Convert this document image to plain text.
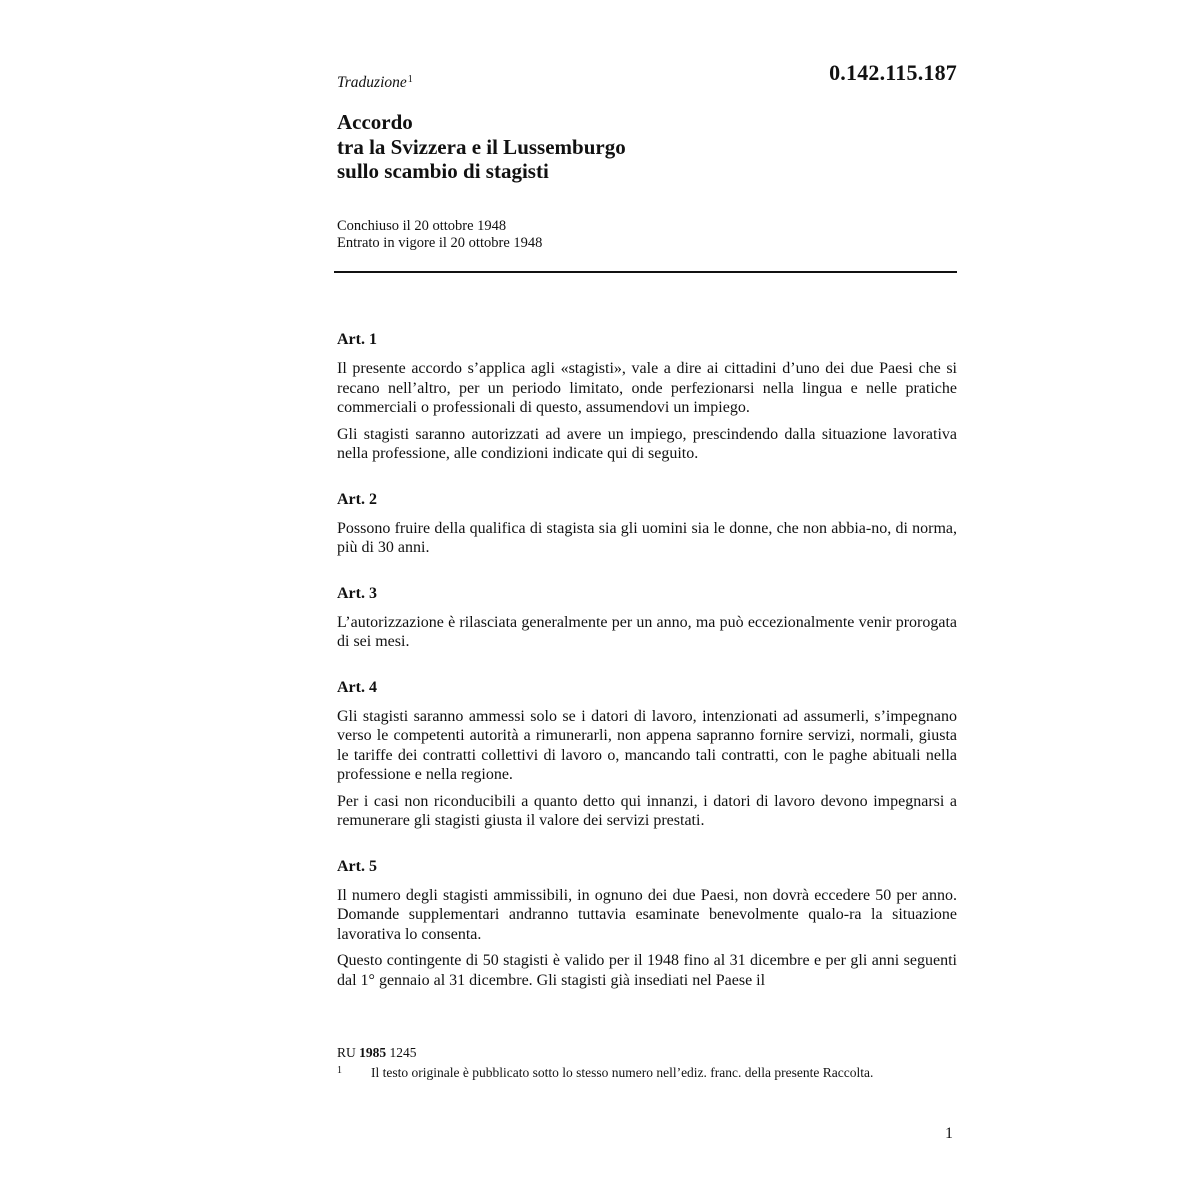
0.142.115.187
Traduzione$^1$
Accordo
tra la Svizzera e il Lussemburgo
sullo scambio di stagisti
Conchiuso il 20 ottobre 1948
Entrato in vigore il 20 ottobre 1948
Art. 1

Il presente accordo s’applica agli «stagisti», vale a dire ai cittadini d’uno dei due Paesi che si recano nell’altro, per un periodo limitato, onde perfezionarsi nella lingua e nelle pratiche commerciali o professionali di questo, assumendovi un impiego.

Gli stagisti saranno autorizzati ad avere un impiego, prescindendo dalla situazione lavorativa nella professione, alle condizioni indicate qui di seguito.

Art. 2

Possono fruire della qualifica di stagista sia gli uomini sia le donne, che non abbia-no, di norma, più di 30 anni.

Art. 3

L’autorizzazione è rilasciata generalmente per un anno, ma può eccezionalmente venir prorogata di sei mesi.

Art. 4

Gli stagisti saranno ammessi solo se i datori di lavoro, intenzionati ad assumerli, s’impegnano verso le competenti autorità a rimunerarli, non appena sapranno fornire servizi, normali, giusta le tariffe dei contratti collettivi di lavoro o, mancando tali contratti, con le paghe abituali nella professione e nella regione.

Per i casi non riconducibili a quanto detto qui innanzi, i datori di lavoro devono impegnarsi a remunerare gli stagisti giusta il valore dei servizi prestati.

Art. 5

Il numero degli stagisti ammissibili, in ognuno dei due Paesi, non dovrà eccedere 50 per anno. Domande supplementari andranno tuttavia esaminate benevolmente qualo-ra la situazione lavorativa lo consenta.

Questo contingente di 50 stagisti è valido per il 1948 fino al 31 dicembre e per gli anni seguenti dal 1° gennaio al 31 dicembre. Gli stagisti già insediati nel Paese il

RU 1985 1245
1 Il testo originale è pubblicato sotto lo stesso numero nell’ediz. franc. della presente Raccolta.
1
